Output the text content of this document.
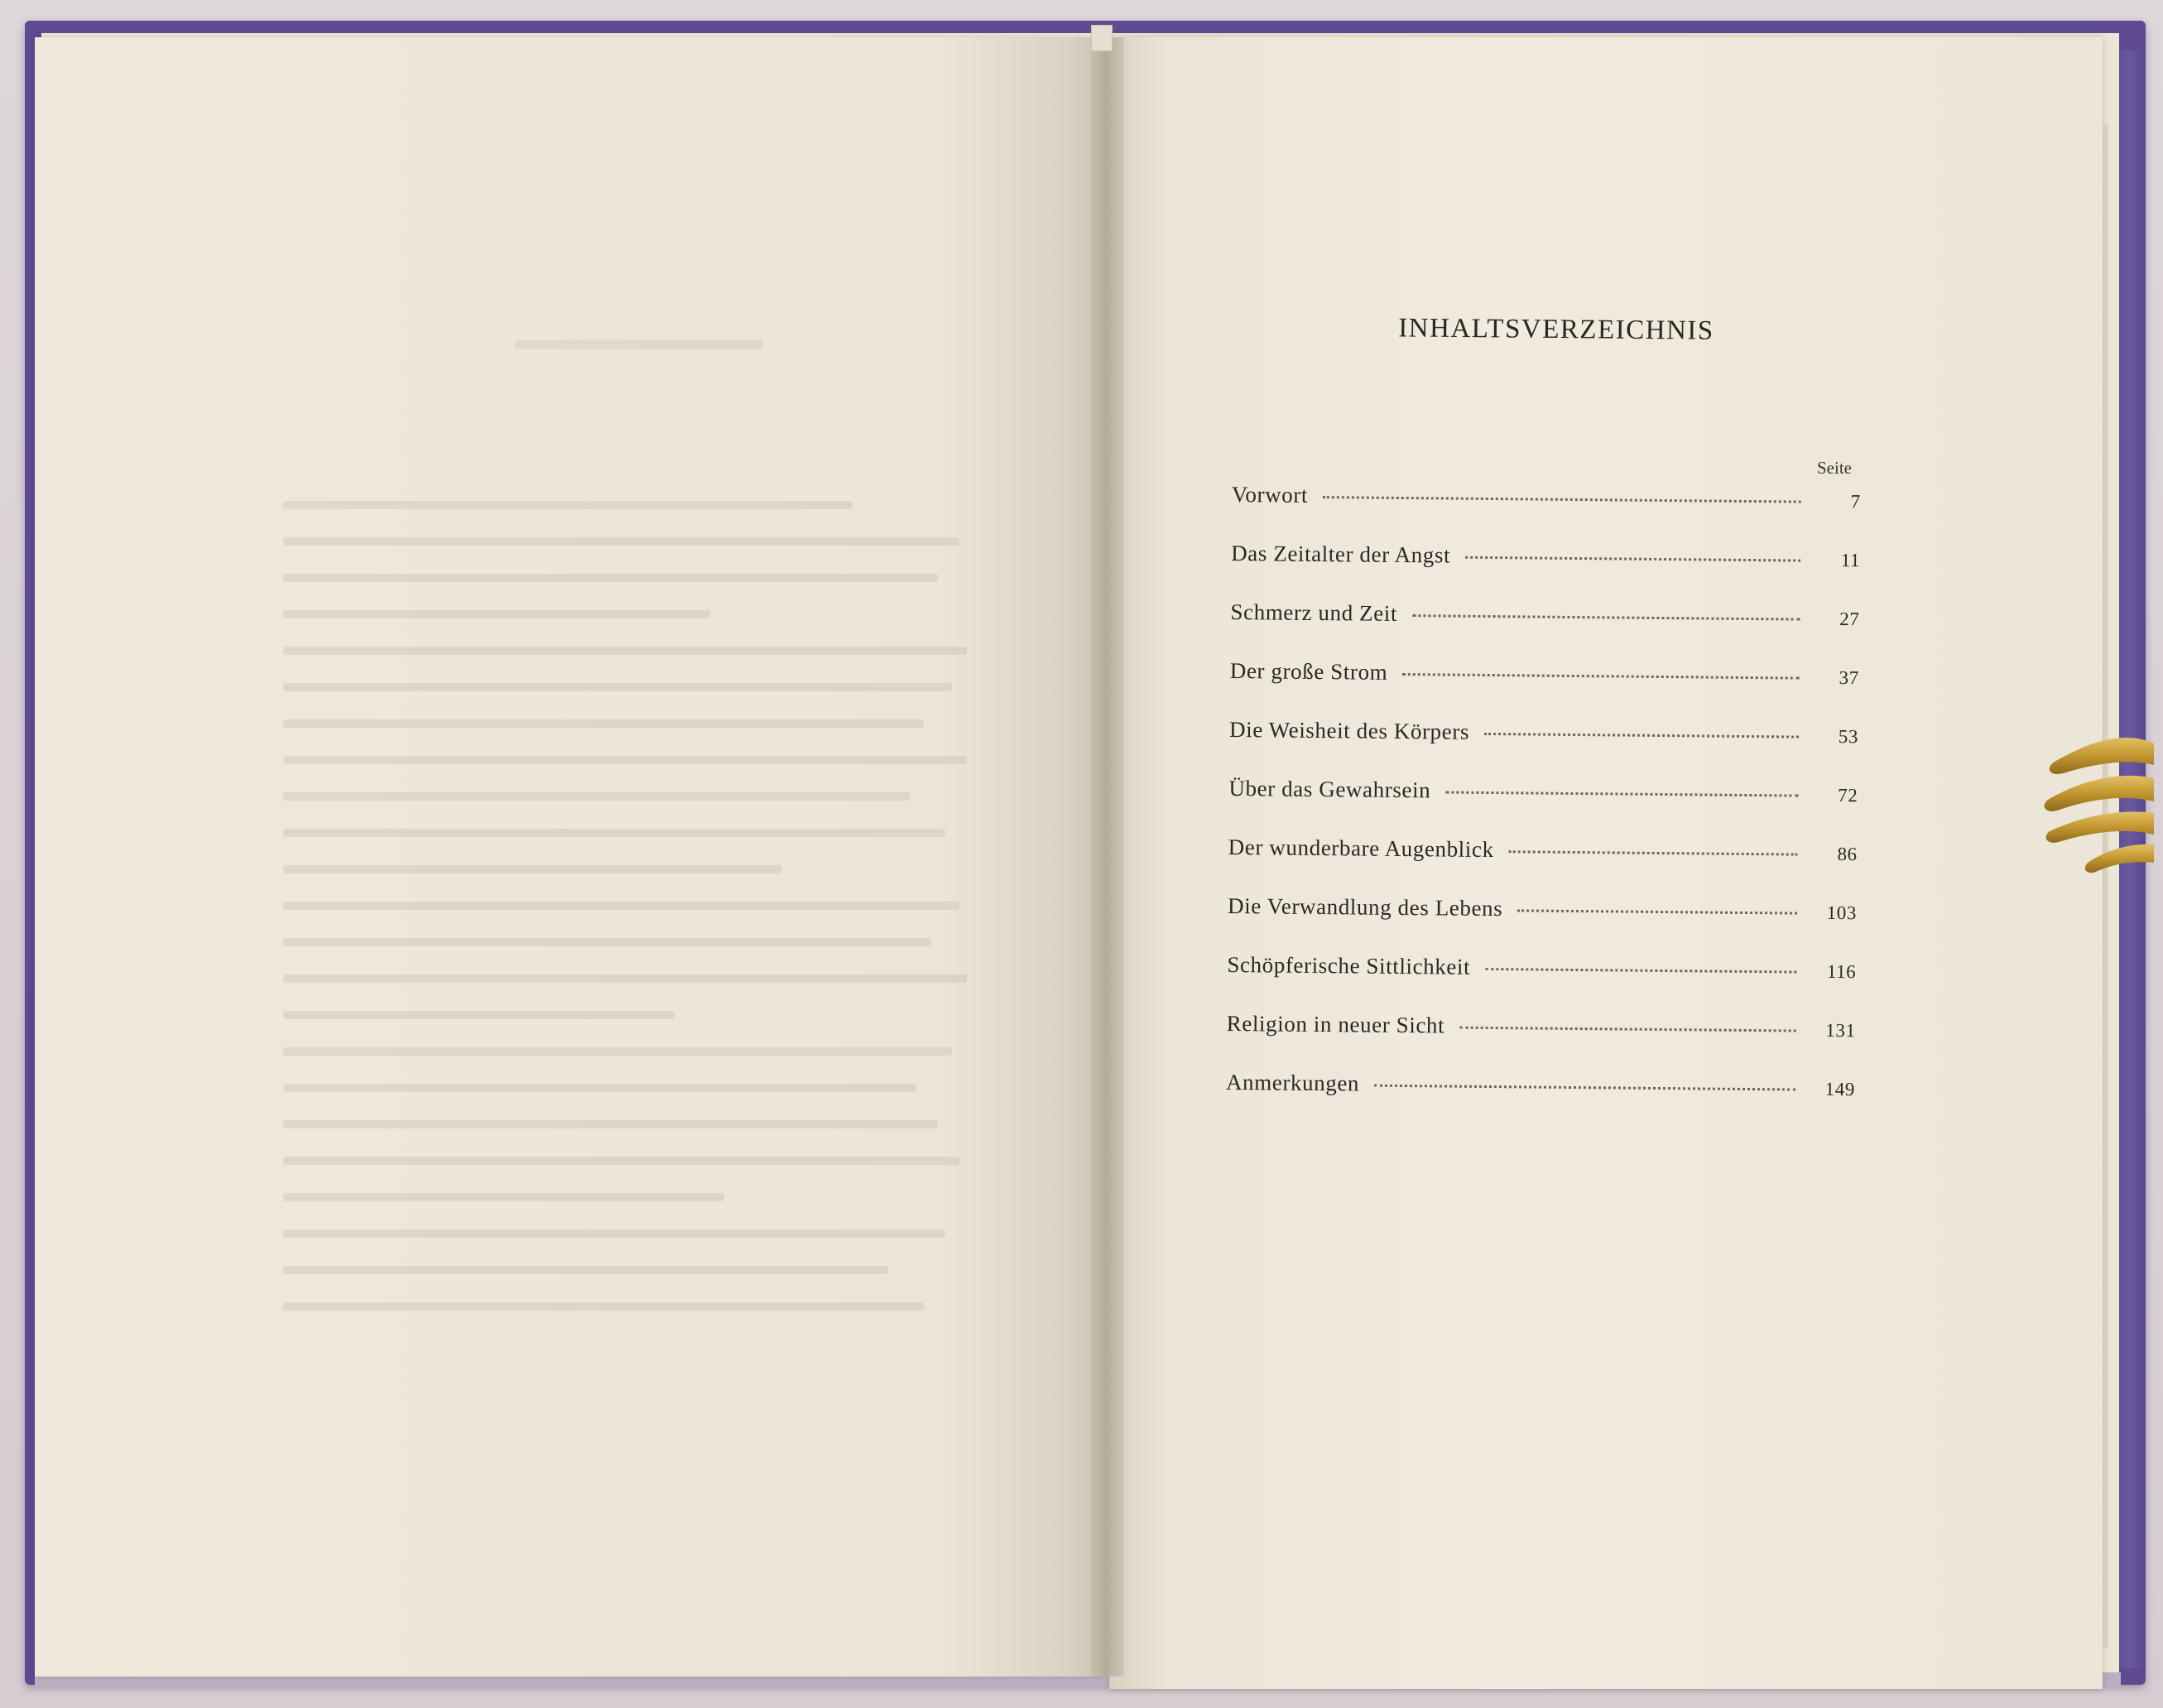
INHALTSVERZEICHNIS
Seite
Vorwort	7
Das Zeitalter der Angst	11
Schmerz und Zeit	27
Der große Strom	37
Die Weisheit des Körpers	53
Über das Gewahrsein	72
Der wunderbare Augenblick	86
Die Verwandlung des Lebens	103
Schöpferische Sittlichkeit	116
Religion in neuer Sicht	131
Anmerkungen	149
